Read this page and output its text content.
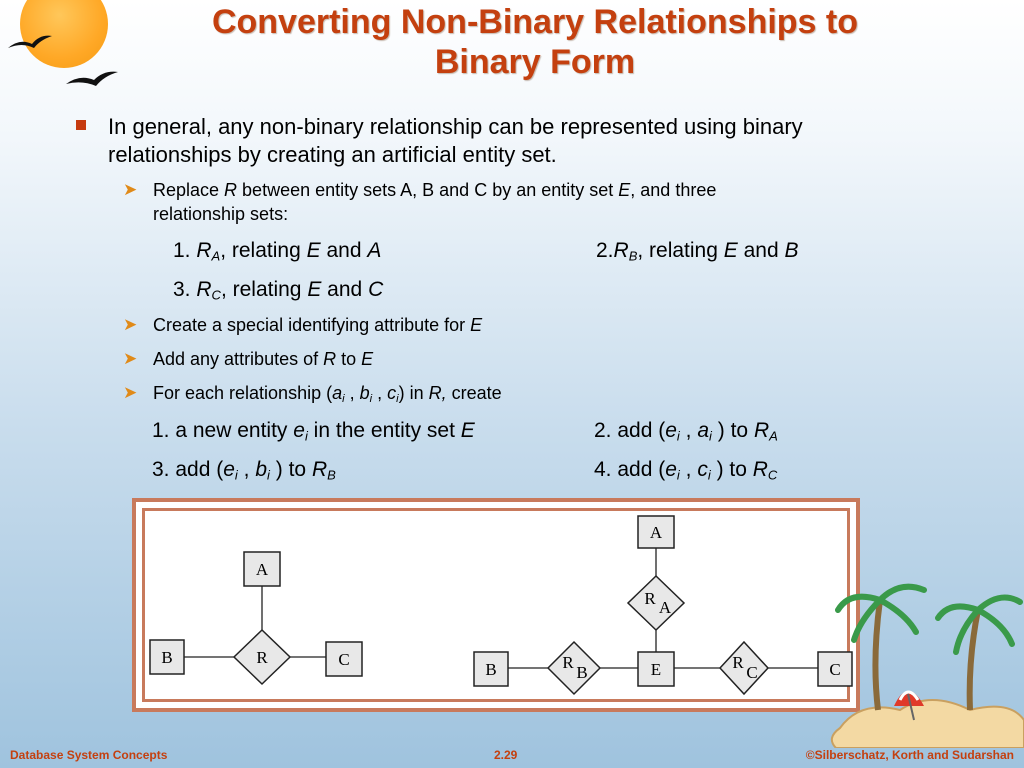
Converting Non-Binary Relationships to
Binary Form
In general, any non-binary relationship can be represented using binary
relationships by creating an artificial entity set.
➤ Replace R between entity sets A, B and C by an entity set E, and three
relationship sets:
1. $R_A$, relating E and A	$2.R_B$, relating E and B
3. $R_C$, relating E and C
➤ Create a special identifying attribute for E
➤ Add any attributes of R to E
➤ For each relationship ($a_i$ , $b_i$ , $c_i$) in R, create
1. a new entity $e_i$ in the entity set E	2. add ($e_i$ , $a_i$ ) to $R_A$
3. add ($e_i$ , $b_i$ ) to $R_B$	4. add ($e_i$ , $c_i$ ) to $R_C$
A
B	C
R
A
R A
B	R
B	E	R
C	C
Database System Concepts	2.29	©Silberschatz, Korth and Sudarshan
